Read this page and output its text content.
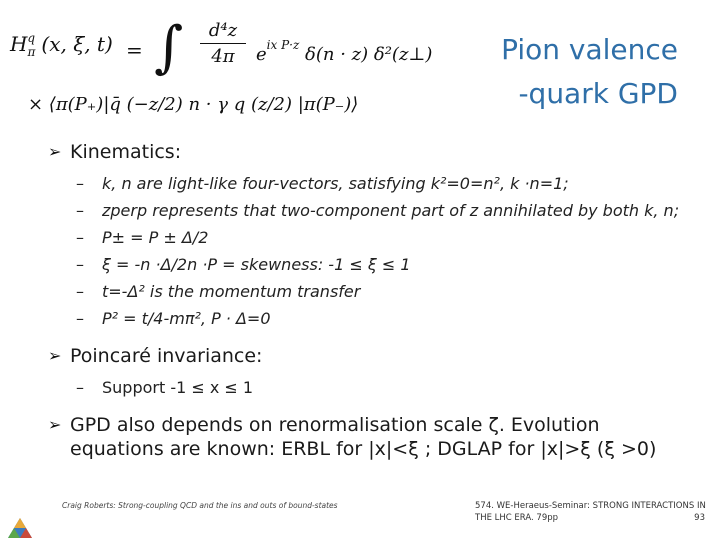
$H_\pi^q$ (x, ξ, t) = ∫ $\frac{\text{d⁴z}}{4\pi} e^{ix P\cdot z}$ δ(n · z) δ²(z⊥)
× ⟨π(P₊)|q̄ (−z/2) n · γ q (z/2) |π(P₋)⟩
Pion valence
-quark GPD
➢ Kinematics:
– k, n are light-like four-vectors, satisfying k²=0=n², k ·n=1;
– zperp represents that two-component part of z annihilated by both k, n;
– P± = P ± Δ/2
– ξ = -n ·Δ/2n ·P = skewness: -1 ≤ ξ ≤ 1
– t=-Δ² is the momentum transfer
– P² = t/4-mπ², P · Δ=0
➢ Poincaré invariance:
– Support -1 ≤ x ≤ 1
➢ GPD also depends on renormalisation scale ζ. Evolution equations are known: ERBL for |x|<ξ ; DGLAP for |x|>ξ (ξ >0)
Craig Roberts: Strong-coupling QCD and the ins and outs of bound-states	574. WE-Heraeus-Seminar: STRONG INTERACTIONS IN THE LHC ERA. 79pp	93
